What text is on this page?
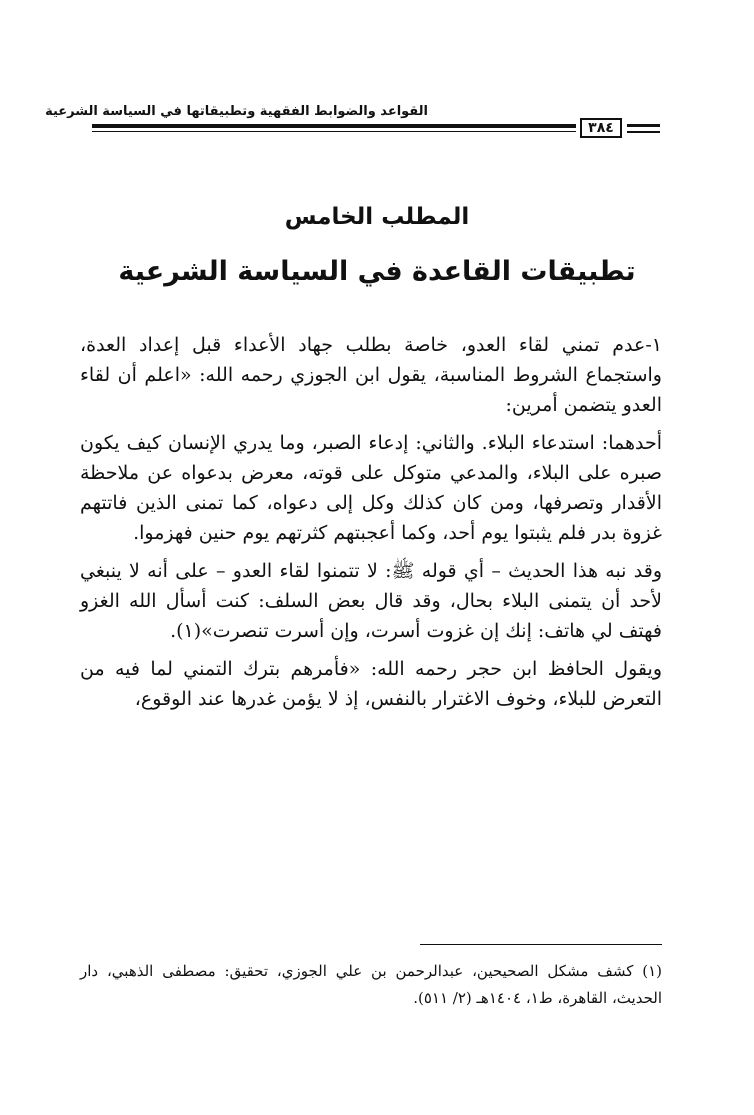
القواعد والضوابط الفقهية وتطبيقاتها في السياسة الشرعية
٣٨٤
المطلب الخامس
تطبيقات القاعدة في السياسة الشرعية

١-عدم تمني لقاء العدو، خاصة بطلب جهاد الأعداء قبل إعداد العدة، واستجماع الشروط المناسبة، يقول ابن الجوزي رحمه الله: «اعلم أن لقاء العدو يتضمن أمرين:

أحدهما: استدعاء البلاء. والثاني: إدعاء الصبر، وما يدري الإنسان كيف يكون صبره على البلاء، والمدعي متوكل على قوته، معرض بدعواه عن ملاحظة الأقدار وتصرفها، ومن كان كذلك وكل إلى دعواه، كما تمنى الذين فاتتهم غزوة بدر فلم يثبتوا يوم أحد، وكما أعجبتهم كثرتهم يوم حنين فهزموا.

وقد نبه هذا الحديث – أي قوله ﷺ: لا تتمنوا لقاء العدو – على أنه لا ينبغي لأحد أن يتمنى البلاء بحال، وقد قال بعض السلف: كنت أسأل الله الغزو فهتف لي هاتف: إنك إن غزوت أسرت، وإن أسرت تنصرت»(١).

ويقول الحافظ ابن حجر رحمه الله: «فأمرهم بترك التمني لما فيه من التعرض للبلاء، وخوف الاغترار بالنفس، إذ لا يؤمن غدرها عند الوقوع،

(١) كشف مشكل الصحيحين، عبدالرحمن بن علي الجوزي، تحقيق: مصطفى الذهبي، دار الحديث، القاهرة، ط١، ١٤٠٤هـ (٢/ ٥١١).
